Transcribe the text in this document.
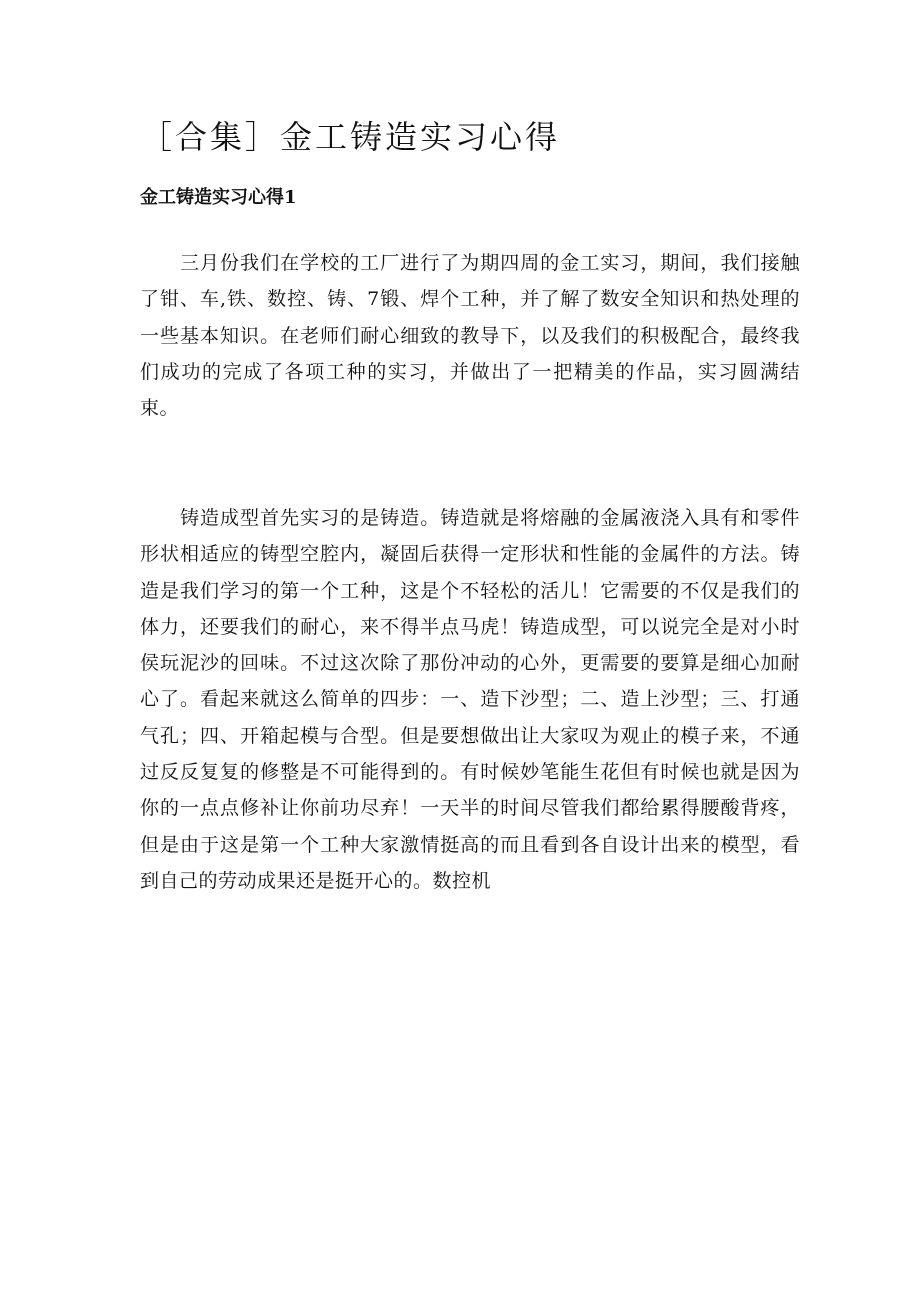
［合集］金工铸造实习心得
金工铸造实习心得1

三月份我们在学校的工厂进行了为期四周的金工实习，期间，我们接触了钳、车,铁、数控、铸、7锻、焊个工种，并了解了数安全知识和热处理的一些基本知识。在老师们耐心细致的教导下，以及我们的积极配合，最终我们成功的完成了各项工种的实习，并做出了一把精美的作品，实习圆满结束。

铸造成型首先实习的是铸造。铸造就是将熔融的金属液浇入具有和零件形状相适应的铸型空腔内，凝固后获得一定形状和性能的金属件的方法。铸造是我们学习的第一个工种，这是个不轻松的活儿！它需要的不仅是我们的体力，还要我们的耐心，来不得半点马虎！铸造成型，可以说完全是对小时侯玩泥沙的回味。不过这次除了那份冲动的心外，更需要的要算是细心加耐心了。看起来就这么简单的四步：一、造下沙型；二、造上沙型；三、打通气孔；四、开箱起模与合型。但是要想做出让大家叹为观止的模子来，不通过反反复复的修整是不可能得到的。有时候妙笔能生花但有时候也就是因为你的一点点修补让你前功尽弃！一天半的时间尽管我们都给累得腰酸背疼，但是由于这是第一个工种大家激情挺高的而且看到各自设计出来的模型，看到自己的劳动成果还是挺开心的。数控机
